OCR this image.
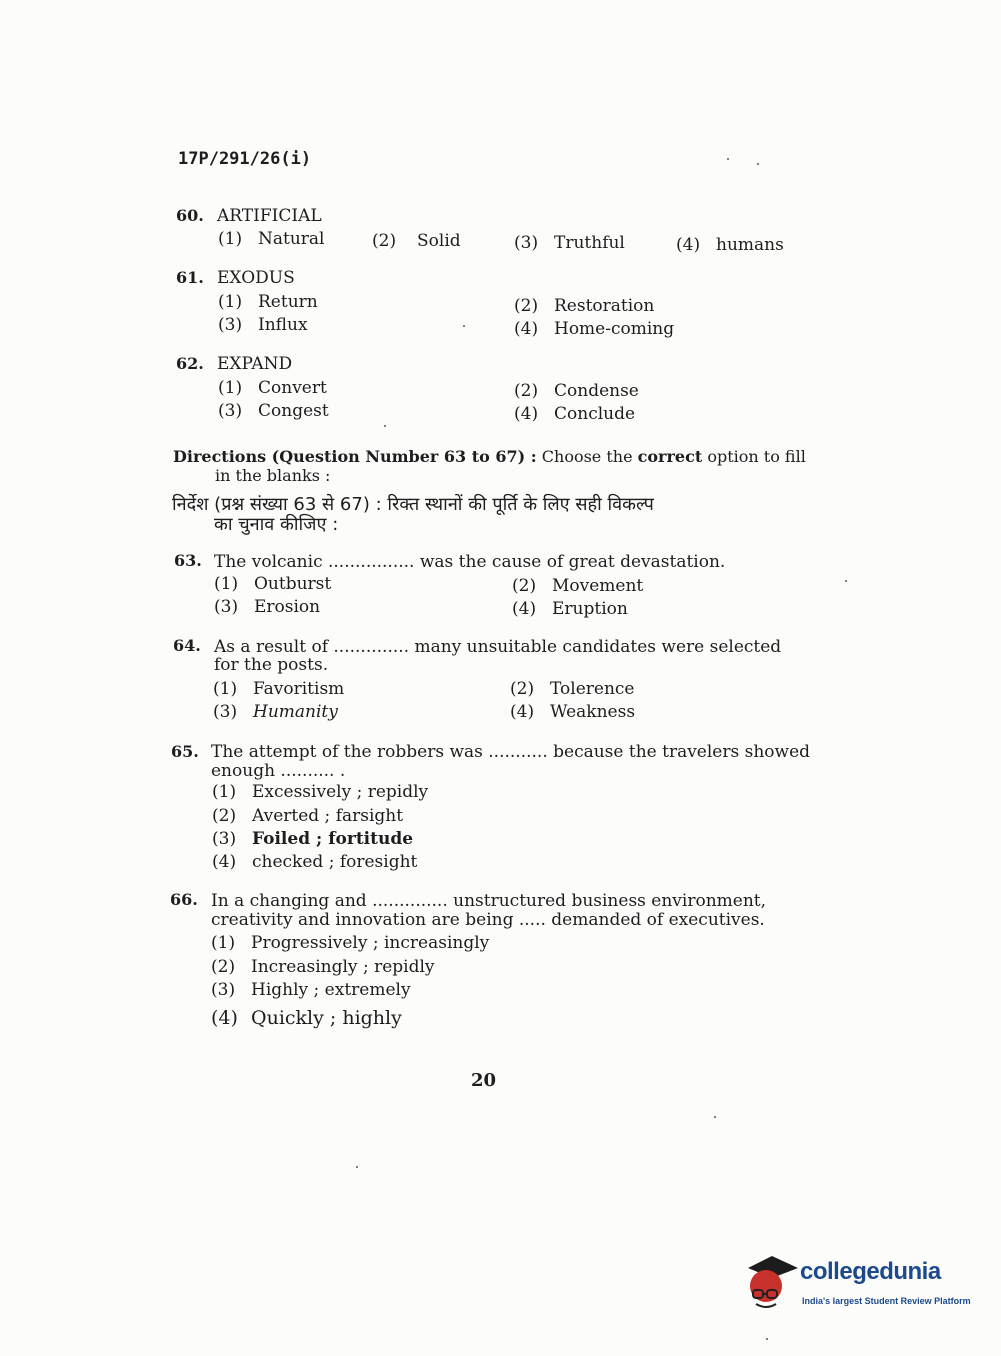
17P/291/26(i)
60. ARTIFICIAL
(1) Natural	(2) Solid	(3) Truthful	(4) humans
61. EXODUS
(1) Return	(2) Restoration
(3) Influx	(4) Home-coming
62. EXPAND
(1) Convert	(2) Condense
(3) Congest	(4) Conclude
Directions (Question Number 63 to 67) : Choose the correct option to fill
in the blanks :
निर्देश (प्रश्न संख्या 63 से 67) : रिक्त स्थानों की पूर्ति के लिए सही विकल्प
का चुनाव कीजिए :
63. The volcanic ................ was the cause of great devastation.
(1) Outburst	(2) Movement
(3) Erosion	(4) Eruption
64. As a result of .............. many unsuitable candidates were selected
for the posts.
(1) Favoritism	(2) Tolerence
(3) Humanity	(4) Weakness
65. The attempt of the robbers was ........... because the travelers showed
enough .......... .
(1) Excessively ; repidly
(2) Averted ; farsight
(3) Foiled ; fortitude
(4) checked ; foresight
66. In a changing and .............. unstructured business environment,
creativity and innovation are being ..... demanded of executives.
(1) Progressively ; increasingly
(2) Increasingly ; repidly
(3) Highly ; extremely
(4) Quickly ; highly
20
collegedunia
India's largest Student Review Platform
